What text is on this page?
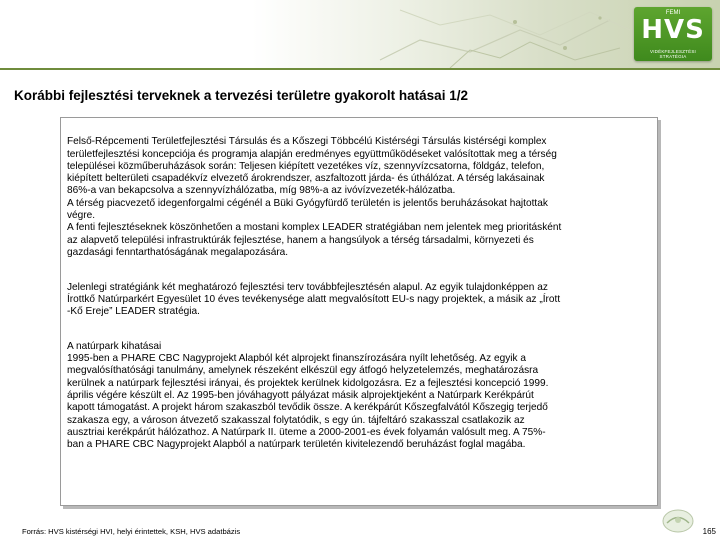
FEMI
HVS
VIDÉKFEJLESZTÉSI STRATÉGIA
Korábbi fejlesztési terveknek a tervezési területre gyakorolt hatásai 1/2

Felső-Répcementi Területfejlesztési Társulás és a Kőszegi Többcélú Kistérségi Társulás kistérségi komplex
területfejlesztési koncepciója és programja alapján eredményes együttműködéseket valósítottak meg a térség
települései közműberuházások során: Teljesen kiépített vezetékes víz, szennyvízcsatorna, földgáz, telefon,
kiépített belterületi csapadékvíz elvezető árokrendszer, aszfaltozott járda- és úthálózat. A térség lakásainak
86%-a van bekapcsolva a szennyvízhálózatba, míg 98%-a az ivóvízvezeték-hálózatba.
A térség piacvezető idegenforgalmi cégénél a Büki Gyógyfürdő területén is jelentős beruházásokat hajtottak
végre.
A fenti fejlesztéseknek köszönhetően a mostani komplex LEADER stratégiában nem jelentek meg prioritásként
az alapvető települési infrastruktúrák fejlesztése, hanem a hangsúlyok a térség társadalmi, környezeti és
gazdasági fenntarthatóságának megalapozására.

Jelenlegi stratégiánk két meghatározó fejlesztési terv továbbfejlesztésén alapul. Az egyik tulajdonképpen az
Írottkő Natúrparkért Egyesület 10 éves tevékenysége alatt megvalósított EU-s nagy projektek, a másik az „Írott
-Kő Ereje” LEADER stratégia.

A natúrpark kihatásai
1995-ben a PHARE CBC Nagyprojekt Alapból két alprojekt finanszírozására nyílt lehetőség. Az egyik a
megvalósíthatósági tanulmány, amelynek részeként elkészül egy átfogó helyzetelemzés, meghatározásra
kerülnek a natúrpark fejlesztési irányai, és projektek kerülnek kidolgozásra. Ez a fejlesztési koncepció 1999.
április végére készült el. Az 1995-ben jóváhagyott pályázat másik alprojektjeként a Natúrpark Kerékpárút
kapott támogatást. A projekt három szakaszból tevődik össze. A kerékpárút Kőszegfalvától Kőszegig terjedő
szakasza egy, a városon átvezető szakasszal folytatódik, s egy ún. tájfeltáró szakasszal csatlakozik az
ausztriai kerékpárút hálózathoz. A Natúrpark II. üteme a 2000-2001-es évek folyamán valósult meg. A 75%-
ban a PHARE CBC Nagyprojekt Alapból a natúrpark területén kivitelezendő beruházást foglal magába.

Forrás: HVS kistérségi HVI, helyi érintettek, KSH, HVS adatbázis	165
